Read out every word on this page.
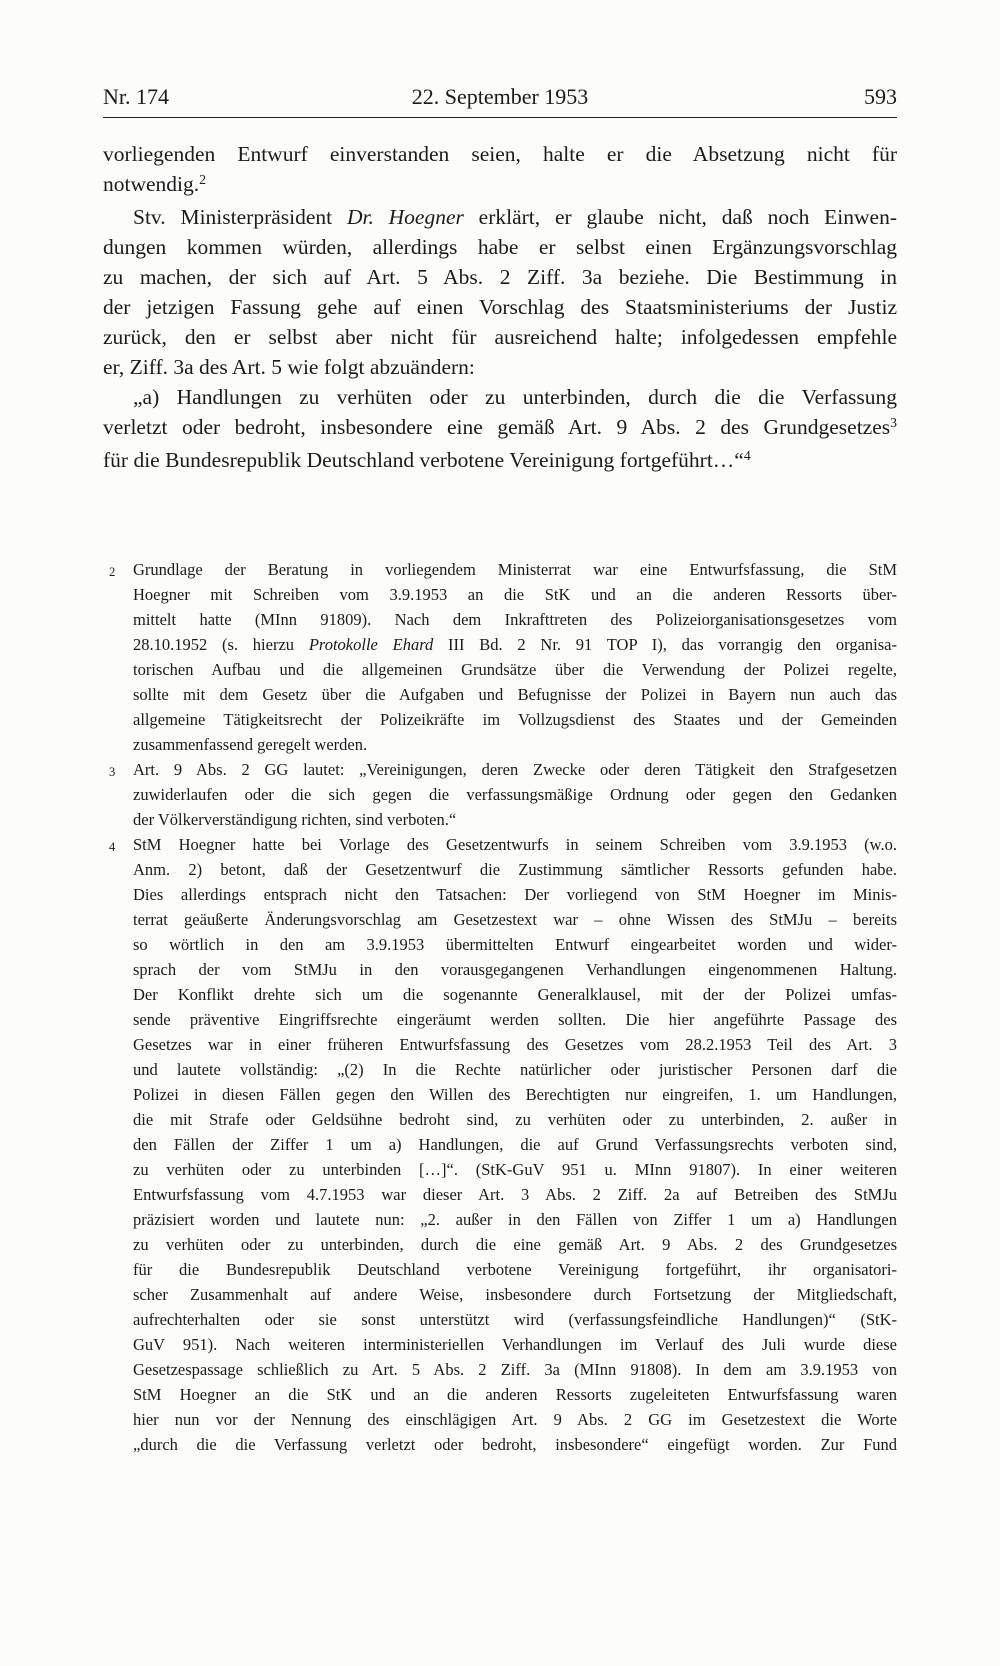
Nr. 174	22. September 1953	593
vorliegenden Entwurf einverstanden seien, halte er die Absetzung nicht für
notwendig.$^2$
Stv. Ministerpräsident Dr. Hoegner erklärt, er glaube nicht, daß noch Einwen-
dungen kommen würden, allerdings habe er selbst einen Ergänzungsvorschlag
zu machen, der sich auf Art. 5 Abs. 2 Ziff. 3a beziehe. Die Bestimmung in
der jetzigen Fassung gehe auf einen Vorschlag des Staatsministeriums der Justiz
zurück, den er selbst aber nicht für ausreichend halte; infolgedessen empfehle
er, Ziff. 3a des Art. 5 wie folgt abzuändern:
„a) Handlungen zu verhüten oder zu unterbinden, durch die die Verfassung
verletzt oder bedroht, insbesondere eine gemäß Art. 9 Abs. 2 des Grundgesetzes$^3$
für die Bundesrepublik Deutschland verbotene Vereinigung fortgeführt…“$^4$
2	Grundlage der Beratung in vorliegendem Ministerrat war eine Entwurfsfassung, die StM
Hoegner mit Schreiben vom 3.9.1953 an die StK und an die anderen Ressorts über-
mittelt hatte (MInn 91809). Nach dem Inkrafttreten des Polizeiorganisationsgesetzes vom
28.10.1952 (s. hierzu Protokolle Ehard III Bd. 2 Nr. 91 TOP I), das vorrangig den organisa-
torischen Aufbau und die allgemeinen Grundsätze über die Verwendung der Polizei regelte,
sollte mit dem Gesetz über die Aufgaben und Befugnisse der Polizei in Bayern nun auch das
allgemeine Tätigkeitsrecht der Polizeikräfte im Vollzugsdienst des Staates und der Gemeinden
zusammenfassend geregelt werden.
3	Art. 9 Abs. 2 GG lautet: „Vereinigungen, deren Zwecke oder deren Tätigkeit den Strafgesetzen
zuwiderlaufen oder die sich gegen die verfassungsmäßige Ordnung oder gegen den Gedanken
der Völkerverständigung richten, sind verboten.“
4	StM Hoegner hatte bei Vorlage des Gesetzentwurfs in seinem Schreiben vom 3.9.1953 (w.o.
Anm. 2) betont, daß der Gesetzentwurf die Zustimmung sämtlicher Ressorts gefunden habe.
Dies allerdings entsprach nicht den Tatsachen: Der vorliegend von StM Hoegner im Minis-
terrat geäußerte Änderungsvorschlag am Gesetzestext war – ohne Wissen des StMJu – bereits
so wörtlich in den am 3.9.1953 übermittelten Entwurf eingearbeitet worden und wider-
sprach der vom StMJu in den vorausgegangenen Verhandlungen eingenommenen Haltung.
Der Konflikt drehte sich um die sogenannte Generalklausel, mit der der Polizei umfas-
sende präventive Eingriffsrechte eingeräumt werden sollten. Die hier angeführte Passage des
Gesetzes war in einer früheren Entwurfsfassung des Gesetzes vom 28.2.1953 Teil des Art. 3
und lautete vollständig: „(2) In die Rechte natürlicher oder juristischer Personen darf die
Polizei in diesen Fällen gegen den Willen des Berechtigten nur eingreifen, 1. um Handlungen,
die mit Strafe oder Geldsühne bedroht sind, zu verhüten oder zu unterbinden, 2. außer in
den Fällen der Ziffer 1 um a) Handlungen, die auf Grund Verfassungsrechts verboten sind,
zu verhüten oder zu unterbinden […]“. (StK-GuV 951 u. MInn 91807). In einer weiteren
Entwurfsfassung vom 4.7.1953 war dieser Art. 3 Abs. 2 Ziff. 2a auf Betreiben des StMJu
präzisiert worden und lautete nun: „2. außer in den Fällen von Ziffer 1 um a) Handlungen
zu verhüten oder zu unterbinden, durch die eine gemäß Art. 9 Abs. 2 des Grundgesetzes
für die Bundesrepublik Deutschland verbotene Vereinigung fortgeführt, ihr organisatori-
scher Zusammenhalt auf andere Weise, insbesondere durch Fortsetzung der Mitgliedschaft,
aufrechterhalten oder sie sonst unterstützt wird (verfassungsfeindliche Handlungen)“ (StK-
GuV 951). Nach weiteren interministeriellen Verhandlungen im Verlauf des Juli wurde diese
Gesetzespassage schließlich zu Art. 5 Abs. 2 Ziff. 3a (MInn 91808). In dem am 3.9.1953 von
StM Hoegner an die StK und an die anderen Ressorts zugeleiteten Entwurfsfassung waren
hier nun vor der Nennung des einschlägigen Art. 9 Abs. 2 GG im Gesetzestext die Worte
„durch die die Verfassung verletzt oder bedroht, insbesondere“ eingefügt worden. Zur Fund
